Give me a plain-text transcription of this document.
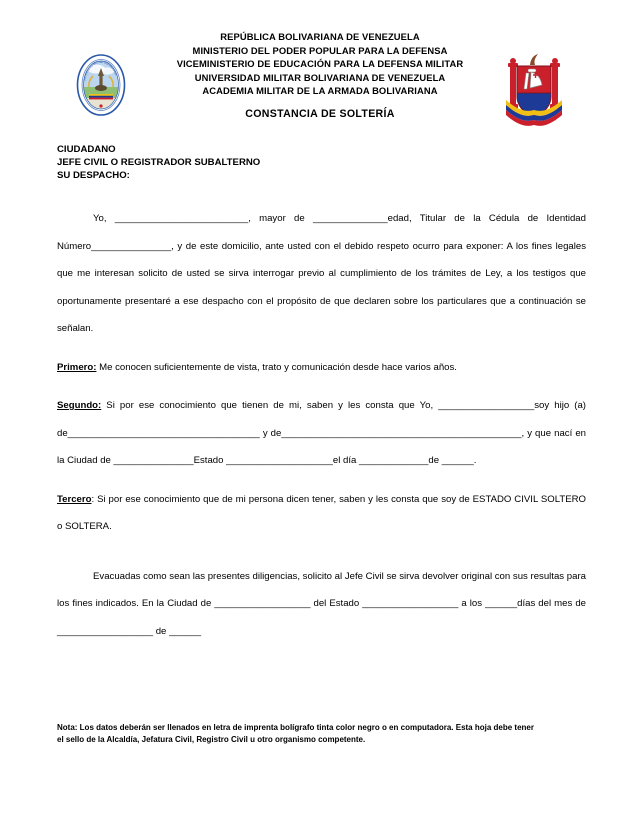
UNIVERSIDAD MILITAR BOLIVARIANA
REPÚBLICA BOLIVARIANA DE VENEZUELA
MINISTERIO DEL PODER POPULAR PARA LA DEFENSA
VICEMINISTERIO DE EDUCACIÓN PARA LA DEFENSA MILITAR
UNIVERSIDAD MILITAR BOLIVARIANA DE VENEZUELA
ACADEMIA MILITAR DE LA ARMADA BOLIVARIANA
CONSTANCIA DE SOLTERÍA
CIUDADANO
JEFE CIVIL O REGISTRADOR SUBALTERNO
SU DESPACHO:

Yo, _________________________, mayor de ______________edad, Titular de la Cédula de Identidad Número_______________, y de este domicilio, ante usted con el debido respeto ocurro para exponer: A los fines legales que me interesan solicito de usted se sirva interrogar previo al cumplimiento de los trámites de Ley, a los testigos que oportunamente presentaré a ese despacho con el propósito de que declaren sobre los particulares que a continuación se señalan.

Primero: Me conocen suficientemente de vista, trato y comunicación desde hace varios años.

Segundo: Si por ese conocimiento que tienen de mi, saben y les consta que Yo, __________________soy hijo (a) de____________________________________ y de_____________________________________________, y que nací en la Ciudad de _______________Estado ____________________el día _____________de ______.

Tercero: Si por ese conocimiento que de mi persona dicen tener, saben y les consta que soy de ESTADO CIVIL SOLTERO o SOLTERA.

Evacuadas como sean las presentes diligencias, solicito al Jefe Civil se sirva devolver original con sus resultas para los fines indicados. En la Ciudad de __________________ del Estado __________________ a los ______días del mes de __________________ de ______

Nota: Los datos deberán ser llenados en letra de imprenta bolígrafo tinta color negro o en computadora. Esta hoja debe tener
el sello de la Alcaldía, Jefatura Civil, Registro Civil u otro organismo competente.
